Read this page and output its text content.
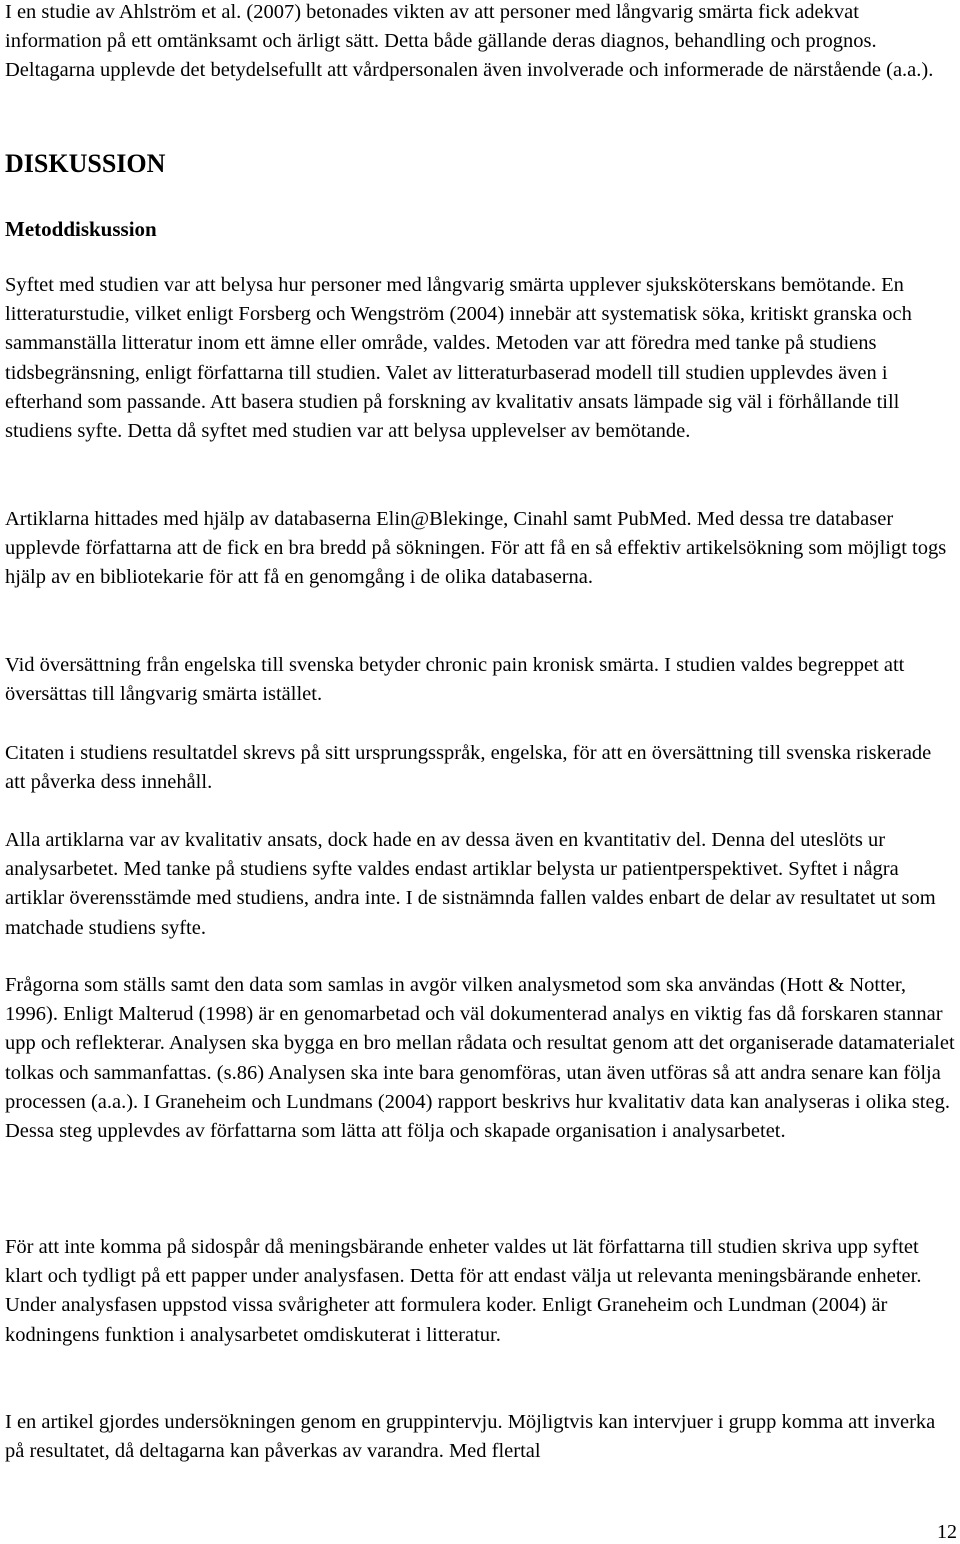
I en studie av Ahlström et al. (2007) betonades vikten av att personer med långvarig smärta fick adekvat information på ett omtänksamt och ärligt sätt. Detta både gällande deras diagnos, behandling och prognos. Deltagarna upplevde det betydelsefullt att vårdpersonalen även involverade och informerade de närstående (a.a.).

DISKUSSION
Metoddiskussion

Syftet med studien var att belysa hur personer med långvarig smärta upplever sjuksköterskans bemötande. En litteraturstudie, vilket enligt Forsberg och Wengström (2004) innebär att systematisk söka, kritiskt granska och sammanställa litteratur inom ett ämne eller område, valdes. Metoden var att föredra med tanke på studiens tidsbegränsning, enligt författarna till studien. Valet av litteraturbaserad modell till studien upplevdes även i efterhand som passande. Att basera studien på forskning av kvalitativ ansats lämpade sig väl i förhållande till studiens syfte. Detta då syftet med studien var att belysa upplevelser av bemötande.

Artiklarna hittades med hjälp av databaserna Elin@Blekinge, Cinahl samt PubMed. Med dessa tre databaser upplevde författarna att de fick en bra bredd på sökningen. För att få en så effektiv artikelsökning som möjligt togs hjälp av en bibliotekarie för att få en genomgång i de olika databaserna.

Vid översättning från engelska till svenska betyder chronic pain kronisk smärta. I studien valdes begreppet att översättas till långvarig smärta istället.

Citaten i studiens resultatdel skrevs på sitt ursprungsspråk, engelska, för att en översättning till svenska riskerade att påverka dess innehåll.

Alla artiklarna var av kvalitativ ansats, dock hade en av dessa även en kvantitativ del. Denna del uteslöts ur analysarbetet. Med tanke på studiens syfte valdes endast artiklar belysta ur patientperspektivet. Syftet i några artiklar överensstämde med studiens, andra inte. I de sistnämnda fallen valdes enbart de delar av resultatet ut som matchade studiens syfte.

Frågorna som ställs samt den data som samlas in avgör vilken analysmetod som ska användas (Hott & Notter, 1996). Enligt Malterud (1998) är en genomarbetad och väl dokumenterad analys en viktig fas då forskaren stannar upp och reflekterar. Analysen ska bygga en bro mellan rådata och resultat genom att det organiserade datamaterialet tolkas och sammanfattas. (s.86) Analysen ska inte bara genomföras, utan även utföras så att andra senare kan följa processen (a.a.). I Graneheim och Lundmans (2004) rapport beskrivs hur kvalitativ data kan analyseras i olika steg. Dessa steg upplevdes av författarna som lätta att följa och skapade organisation i analysarbetet.

För att inte komma på sidospår då meningsbärande enheter valdes ut lät författarna till studien skriva upp syftet klart och tydligt på ett papper under analysfasen. Detta för att endast välja ut relevanta meningsbärande enheter. Under analysfasen uppstod vissa svårigheter att formulera koder. Enligt Graneheim och Lundman (2004) är kodningens funktion i analysarbetet omdiskuterat i litteratur.

I en artikel gjordes undersökningen genom en gruppintervju. Möjligtvis kan intervjuer i grupp komma att inverka på resultatet, då deltagarna kan påverkas av varandra. Med flertal

12
